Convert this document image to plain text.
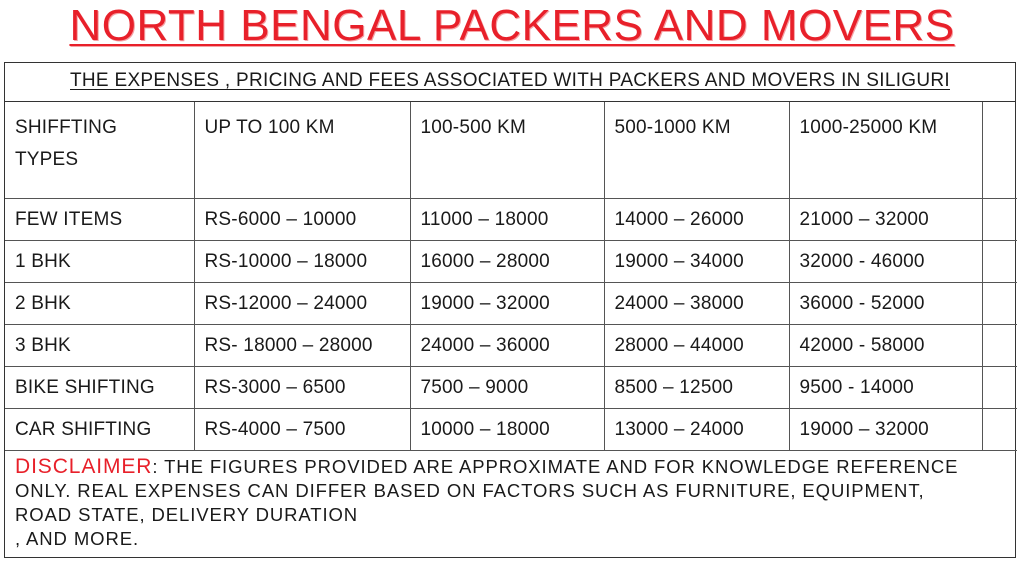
NORTH BENGAL PACKERS AND MOVERS
THE EXPENSES , PRICING AND FEES ASSOCIATED WITH PACKERS AND MOVERS IN SILIGURI
SHIFFTING TYPES	UP TO 100 KM	100-500 KM	500-1000 KM	1000-25000 KM	
FEW ITEMS	RS-6000 – 10000	11000 – 18000	14000 – 26000	21000 – 32000	
1 BHK	RS-10000 – 18000	16000 – 28000	19000 – 34000	32000 - 46000	
2 BHK	RS-12000 – 24000	19000 – 32000	24000 – 38000	36000 - 52000	
3 BHK	RS- 18000 – 28000	24000 – 36000	28000 – 44000	42000 - 58000	
BIKE SHIFTING	RS-3000 – 6500	7500 – 9000	8500 – 12500	9500 - 14000	
CAR SHIFTING	RS-4000 – 7500	10000 – 18000	13000 – 24000	19000 – 32000	
DISCLAIMER: THE FIGURES PROVIDED ARE APPROXIMATE AND FOR KNOWLEDGE REFERENCE
ONLY. REAL EXPENSES CAN DIFFER BASED ON FACTORS SUCH AS FURNITURE, EQUIPMENT,
ROAD STATE, DELIVERY DURATION
, AND MORE.
